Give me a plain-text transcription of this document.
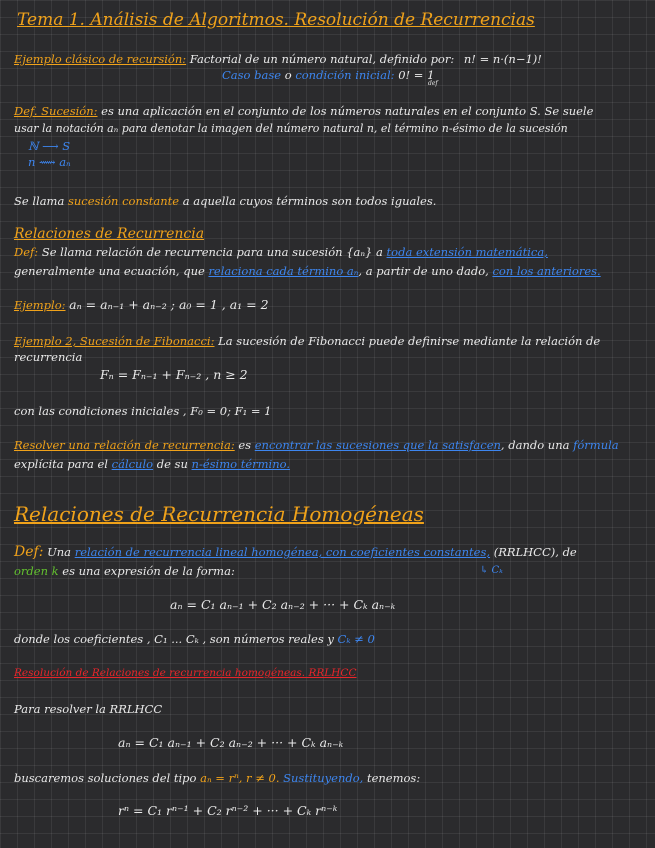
Tema 1. Análisis de Algoritmos. Resolución de Recurrencias
Ejemplo clásico de recursión: Factorial de un número natural, definido por: n! = n·(n−1)!
Caso base o condición inicial: 0! = 1
def
Def. Sucesión: es una aplicación en el conjunto de los números naturales en el conjunto S. Se suele
usar la notación aₙ para denotar la imagen del número natural n, el término n-ésimo de la sucesión
ℕ ⟶ S
n ⟿ aₙ
Se llama sucesión constante a aquella cuyos términos son todos iguales.
Relaciones de Recurrencia
Def: Se llama relación de recurrencia para una sucesión {aₙ} a toda extensión matemática,
generalmente una ecuación, que relaciona cada término aₙ, a partir de uno dado, con los anteriores.
Ejemplo: aₙ = aₙ₋₁ + aₙ₋₂ ; a₀ = 1 , a₁ = 2
Ejemplo 2, Sucesión de Fibonacci: La sucesión de Fibonacci puede definirse mediante la relación de
recurrencia
Fₙ = Fₙ₋₁ + Fₙ₋₂ , n ≥ 2
con las condiciones iniciales , F₀ = 0; F₁ = 1
Resolver una relación de recurrencia: es encontrar las sucesiones que la satisfacen, dando una fórmula
explícita para el cálculo de su n-ésimo término.
Relaciones de Recurrencia Homogéneas
Def: Una relación de recurrencia lineal homogénea, con coeficientes constantes, (RRLHCC), de
orden k es una expresión de la forma:	↳ Cₖ
aₙ = C₁ aₙ₋₁ + C₂ aₙ₋₂ + ··· + Cₖ aₙ₋ₖ
donde los coeficientes , C₁ ... Cₖ , son números reales y Cₖ ≠ 0
Resolución de Relaciones de recurrencia homogéneas. RRLHCC
Para resolver la RRLHCC
aₙ = C₁ aₙ₋₁ + C₂ aₙ₋₂ + ··· + Cₖ aₙ₋ₖ
buscaremos soluciones del tipo aₙ = rⁿ, r ≠ 0. Sustituyendo, tenemos:
rⁿ = C₁ rⁿ⁻¹ + C₂ rⁿ⁻² + ··· + Cₖ rⁿ⁻ᵏ
